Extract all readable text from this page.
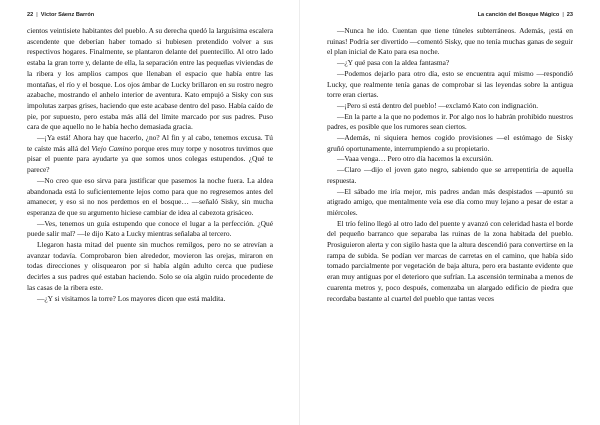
22 | Víctor Sáenz Barrón

cientos veintisiete habitantes del pueblo. A su derecha quedó la larguísima escalera ascendente que deberían haber tomado si hubiesen pretendido volver a sus respectivos hogares. Finalmente, se plantaron delante del puentecillo. Al otro lado estaba la gran torre y, delante de ella, la separación entre las pequeñas viviendas de la ribera y los amplios campos que llenaban el espacio que había entre las montañas, el río y el bosque. Los ojos ámbar de Lucky brillaron en su rostro negro azabache, mostrando el anhelo interior de aventura. Kato empujó a Sisky con sus impolutas zarpas grises, haciendo que este acabase dentro del paso. Había caído de pie, por supuesto, pero estaba más allá del límite marcado por sus padres. Puso cara de que aquello no le había hecho demasiada gracia.

—¡Ya está! Ahora hay que hacerlo, ¿no? Al fin y al cabo, tenemos excusa. Tú te caíste más allá del Viejo Camino porque eres muy torpe y nosotros tuvimos que pisar el puente para ayudarte ya que somos unos colegas estupendos. ¿Qué te parece?

—No creo que eso sirva para justificar que pasemos la noche fuera. La aldea abandonada está lo suficientemente lejos como para que no regresemos antes del amanecer, y eso si no nos perdemos en el bosque… —señaló Sisky, sin mucha esperanza de que su argumento hiciese cambiar de idea al cabezota grisáceo.

—Ves, tenemos un guía estupendo que conoce el lugar a la perfección. ¿Qué puede salir mal? —le dijo Kato a Lucky mientras señalaba al tercero.

Llegaron hasta mitad del puente sin muchos remilgos, pero no se atrevían a avanzar todavía. Comprobaron bien alrededor, movieron las orejas, miraron en todas direcciones y olisquearon por si había algún adulto cerca que pudiese decirles a sus padres qué estaban haciendo. Solo se oía algún ruido procedente de las casas de la ribera este.

—¿Y si visitamos la torre? Los mayores dicen que está maldita.

La canción del Bosque Mágico | 23

—Nunca he ido. Cuentan que tiene túneles subterráneos. Además, ¡está en ruinas! Podría ser divertido —comentó Sisky, que no tenía muchas ganas de seguir el plan inicial de Kato para esa noche.

—¿Y qué pasa con la aldea fantasma?

—Podemos dejarlo para otro día, esto se encuentra aquí mismo —respondió Lucky, que realmente tenía ganas de comprobar si las leyendas sobre la antigua torre eran ciertas.

—¡Pero si está dentro del pueblo! —exclamó Kato con indignación.

—En la parte a la que no podemos ir. Por algo nos lo habrán prohibido nuestros padres, es posible que los rumores sean ciertos.

—Además, ni siquiera hemos cogido provisiones —el estómago de Sisky gruñó oportunamente, interrumpiendo a su propietario.

—Vaaa venga… Pero otro día hacemos la excursión.

—Claro —dijo el joven gato negro, sabiendo que se arrepentiría de aquella respuesta.

—El sábado me iría mejor, mis padres andan más despistados —apuntó su atigrado amigo, que mentalmente veía ese día como muy lejano a pesar de estar a miércoles.

El trío felino llegó al otro lado del puente y avanzó con celeridad hasta el borde del pequeño barranco que separaba las ruinas de la zona habitada del pueblo. Prosiguieron alerta y con sigilo hasta que la altura descendió para convertirse en la rampa de subida. Se podían ver marcas de carretas en el camino, que había sido tomado parcialmente por vegetación de baja altura, pero era bastante evidente que eran muy antiguas por el deterioro que sufrían. La ascensión terminaba a menos de cuarenta metros y, poco después, comenzaba un alargado edificio de piedra que recordaba bastante al cuartel del pueblo que tantas veces
